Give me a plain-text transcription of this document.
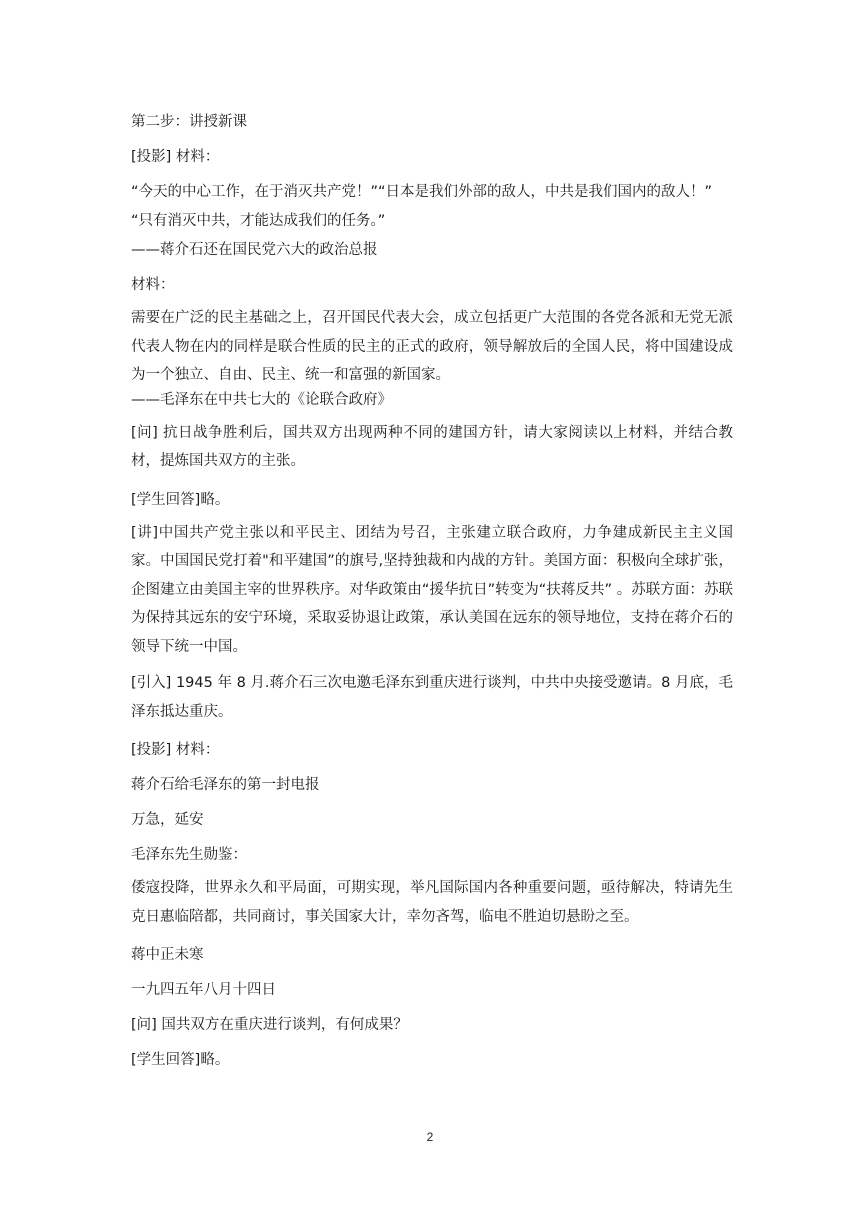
第二步：讲授新课

[投影] 材料：

“今天的中心工作，在于消灭共产党！”“日本是我们外部的敌人，中共是我们国内的敌人！”

“只有消灭中共，才能达成我们的任务。”

——蒋介石还在国民党六大的政治总报

材料：

需要在广泛的民主基础之上，召开国民代表大会，成立包括更广大范围的各党各派和无党无派代表人物在内的同样是联合性质的民主的正式的政府，领导解放后的全国人民，将中国建设成为一个独立、自由、民主、统一和富强的新国家。

——毛泽东在中共七大的《论联合政府》

[问] 抗日战争胜利后，国共双方出现两种不同的建国方针，请大家阅读以上材料，并结合教材，提炼国共双方的主张。

[学生回答]略。

[讲]中国共产党主张以和平民主、团结为号召，主张建立联合政府，力争建成新民主主义国家。中国国民党打着"和平建国”的旗号,坚持独裁和内战的方针。美国方面：积极向全球扩张，企图建立由美国主宰的世界秩序。对华政策由“援华抗日”转变为“扶蒋反共” 。苏联方面：苏联为保持其远东的安宁环境，采取妥协退让政策，承认美国在远东的领导地位，支持在蒋介石的领导下统一中国。

[引入] 1945 年 8 月.蒋介石三次电邀毛泽东到重庆进行谈判，中共中央接受邀请。8 月底，毛泽东抵达重庆。

[投影] 材料：

蒋介石给毛泽东的第一封电报

万急，延安

毛泽东先生勋鉴：

倭寇投降，世界永久和平局面，可期实现，举凡国际国内各种重要问题，亟待解决，特请先生克日惠临陪都，共同商讨，事关国家大计，幸勿吝驾，临电不胜迫切悬盼之至。

蒋中正未寒

一九四五年八月十四日

[问] 国共双方在重庆进行谈判，有何成果？

[学生回答]略。

2
